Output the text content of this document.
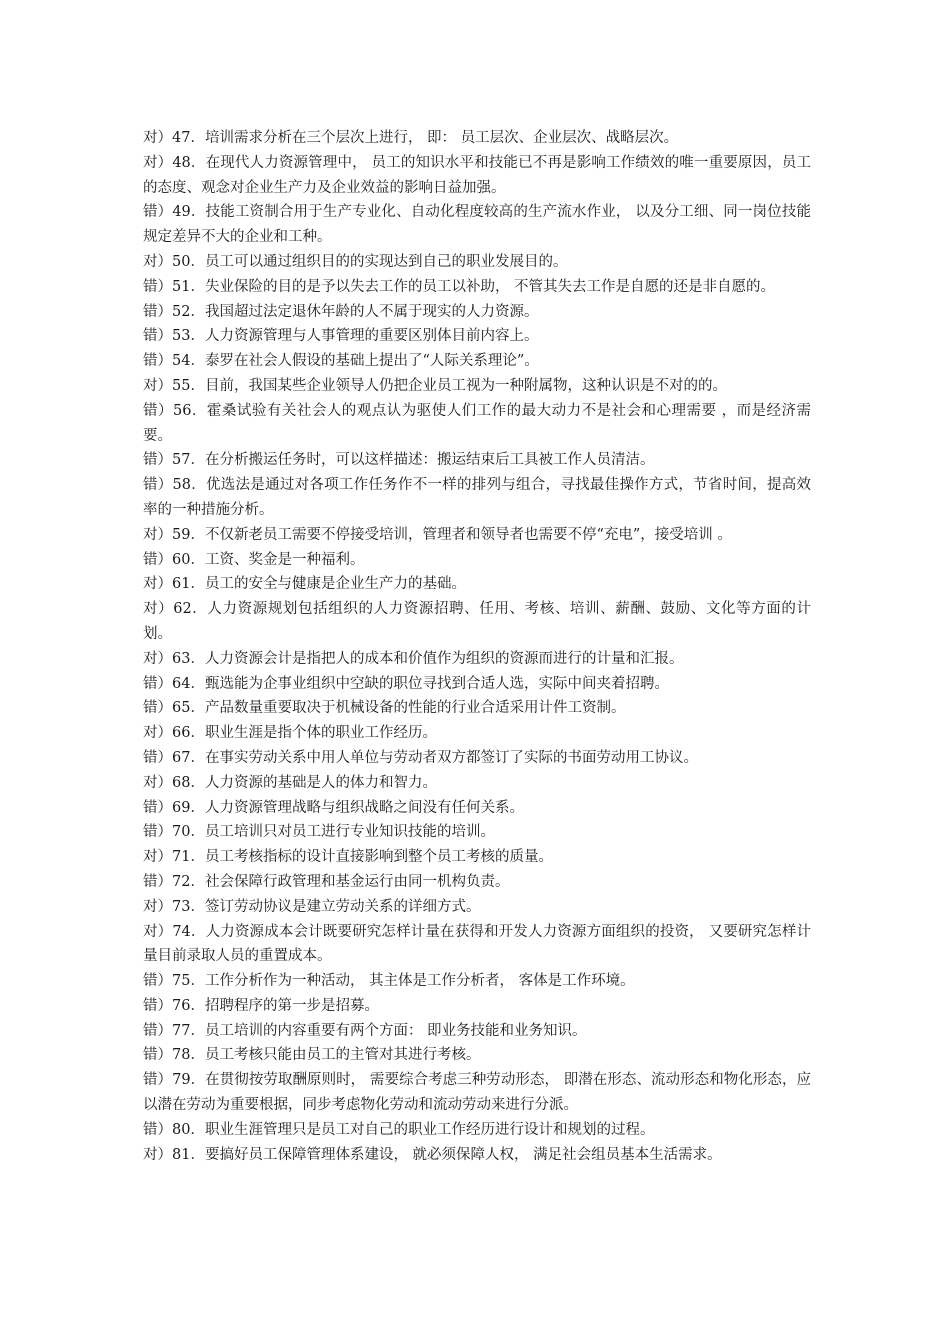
对）47．培训需求分析在三个层次上进行， 即： 员工层次、企业层次、战略层次。

对）48．在现代人力资源管理中， 员工的知识水平和技能已不再是影响工作绩效的唯一重要原因，员工的态度、观念对企业生产力及企业效益的影响日益加强。

错）49．技能工资制合用于生产专业化、自动化程度较高的生产流水作业， 以及分工细、同一岗位技能规定差异不大的企业和工种。

对）50．员工可以通过组织目的的实现达到自己的职业发展目的。

错）51．失业保险的目的是予以失去工作的员工以补助， 不管其失去工作是自愿的还是非自愿的。

错）52．我国超过法定退休年龄的人不属于现实的人力资源。

错）53．人力资源管理与人事管理的重要区别体目前内容上。

错）54．泰罗在社会人假设的基础上提出了“人际关系理论”。

对）55．目前，我国某些企业领导人仍把企业员工视为一种附属物，这种认识是不对的的。

错）56．霍桑试验有关社会人的观点认为驱使人们工作的最大动力不是社会和心理需要 ，而是经济需要。

错）57．在分析搬运任务时，可以这样描述：搬运结束后工具被工作人员清洁。

错）58．优选法是通过对各项工作任务作不一样的排列与组合，寻找最佳操作方式，节省时间，提高效率的一种措施分析。

对）59．不仅新老员工需要不停接受培训，管理者和领导者也需要不停“充电”，接受培训 。

错）60．工资、奖金是一种福利。

对）61．员工的安全与健康是企业生产力的基础。

对）62．人力资源规划包括组织的人力资源招聘、任用、考核、培训、薪酬、鼓励、文化等方面的计划。

对）63．人力资源会计是指把人的成本和价值作为组织的资源而进行的计量和汇报。

错）64．甄选能为企事业组织中空缺的职位寻找到合适人选，实际中间夹着招聘。

错）65．产品数量重要取决于机械设备的性能的行业合适采用计件工资制。

对）66．职业生涯是指个体的职业工作经历。

错）67．在事实劳动关系中用人单位与劳动者双方都签订了实际的书面劳动用工协议。

对）68．人力资源的基础是人的体力和智力。

错）69．人力资源管理战略与组织战略之间没有任何关系。

错）70．员工培训只对员工进行专业知识技能的培训。

对）71．员工考核指标的设计直接影响到整个员工考核的质量。

错）72．社会保障行政管理和基金运行由同一机构负责。

对）73．签订劳动协议是建立劳动关系的详细方式。

对）74．人力资源成本会计既要研究怎样计量在获得和开发人力资源方面组织的投资， 又要研究怎样计量目前录取人员的重置成本。

错）75．工作分析作为一种活动， 其主体是工作分析者， 客体是工作环境。

错）76．招聘程序的第一步是招募。

错）77．员工培训的内容重要有两个方面： 即业务技能和业务知识。

错）78．员工考核只能由员工的主管对其进行考核。

错）79．在贯彻按劳取酬原则时， 需要综合考虑三种劳动形态， 即潜在形态、流动形态和物化形态，应以潜在劳动为重要根据，同步考虑物化劳动和流动劳动来进行分派。

错）80．职业生涯管理只是员工对自己的职业工作经历进行设计和规划的过程。

对）81．要搞好员工保障管理体系建设， 就必须保障人权， 满足社会组员基本生活需求。
